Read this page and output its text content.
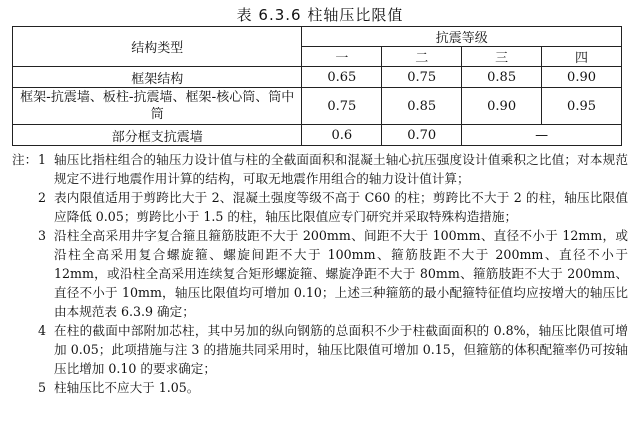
表 6.3.6 柱轴压比限值
结构类型	抗震等级			
	一	二	三	四
框架结构	0.65	0.75	0.85	0.90
框架-抗震墙、板柱-抗震墙、框架-核心筒、筒中筒	0.75	0.85	0.90	0.95
部分框支抗震墙	0.6	0.70	—	
注： 1 轴压比指柱组合的轴压力设计值与柱的全截面面积和混凝土轴心抗压强度设计值乘积之比值；对本规范规定不进行地震作用计算的结构，可取无地震作用组合的轴力设计值计算；
2 表内限值适用于剪跨比大于 2、混凝土强度等级不高于 C60 的柱；剪跨比不大于 2 的柱，轴压比限值应降低 0.05；剪跨比小于 1.5 的柱，轴压比限值应专门研究并采取特殊构造措施；
3 沿柱全高采用井字复合箍且箍筋肢距不大于 200mm、间距不大于 100mm、直径不小于 12mm，或沿柱全高采用复合螺旋箍、螺旋间距不大于 100mm、箍筋肢距不大于 200mm、直径不小于 12mm，或沿柱全高采用连续复合矩形螺旋箍、螺旋净距不大于 80mm、箍筋肢距不大于 200mm、直径不小于 10mm，轴压比限值均可增加 0.10；上述三种箍筋的最小配箍特征值均应按增大的轴压比由本规范表 6.3.9 确定；
4 在柱的截面中部附加芯柱，其中另加的纵向钢筋的总面积不少于柱截面面积的 0.8%，轴压比限值可增加 0.05；此项措施与注 3 的措施共同采用时，轴压比限值可增加 0.15，但箍筋的体积配箍率仍可按轴压比增加 0.10 的要求确定；
5 柱轴压比不应大于 1.05。
